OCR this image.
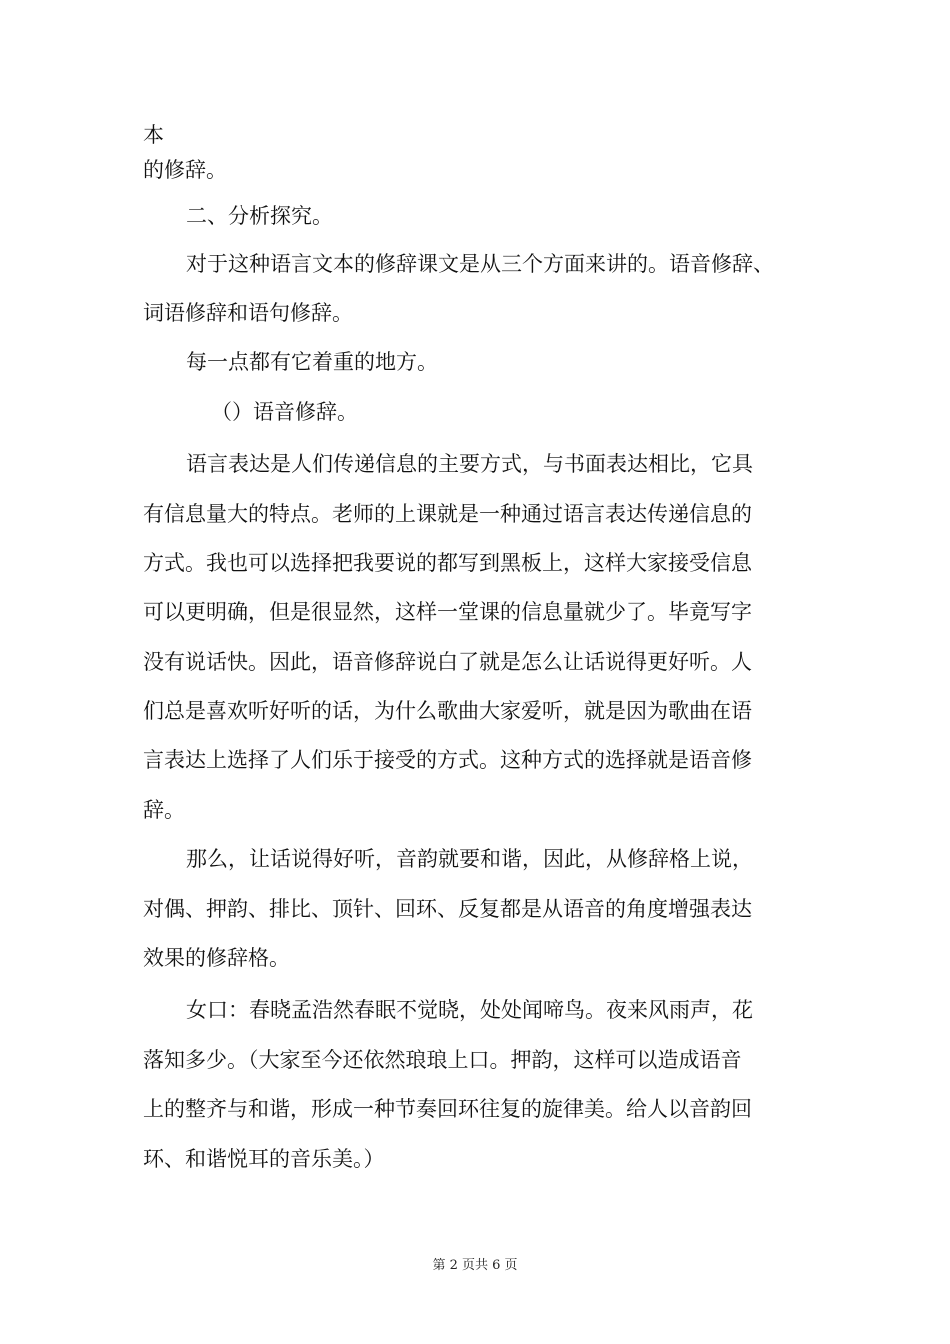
本
的修辞。
二、分析探究。
对于这种语言文本的修辞课文是从三个方面来讲的。语音修辞、
词语修辞和语句修辞。
每一点都有它着重的地方。
（）语音修辞。
语言表达是人们传递信息的主要方式，与书面表达相比，它具
有信息量大的特点。老师的上课就是一种通过语言表达传递信息的
方式。我也可以选择把我要说的都写到黑板上，这样大家接受信息
可以更明确，但是很显然，这样一堂课的信息量就少了。毕竟写字
没有说话快。因此，语音修辞说白了就是怎么让话说得更好听。人
们总是喜欢听好听的话，为什么歌曲大家爱听，就是因为歌曲在语
言表达上选择了人们乐于接受的方式。这种方式的选择就是语音修
辞。
那么，让话说得好听，音韵就要和谐，因此，从修辞格上说，
对偶、押韵、排比、顶针、回环、反复都是从语音的角度增强表达
效果的修辞格。
女口：春晓孟浩然春眠不觉晓，处处闻啼鸟。夜来风雨声，花
落知多少。（大家至今还依然琅琅上口。押韵，这样可以造成语音
上的整齐与和谐，形成一种节奏回环往复的旋律美。给人以音韵回
环、和谐悦耳的音乐美。）
第 2 页共 6 页
